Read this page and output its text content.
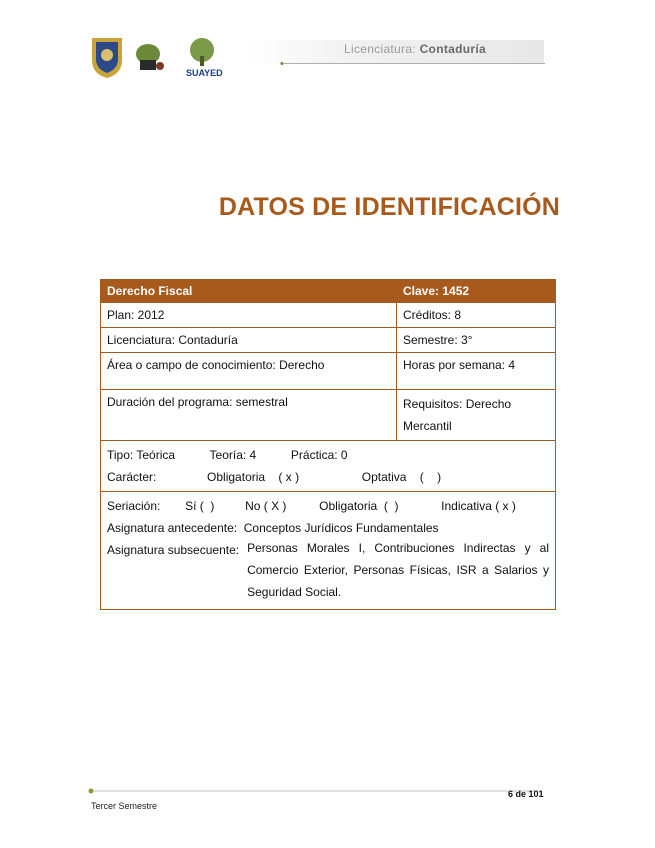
SUAYED
Licenciatura: Contaduría
DATOS DE IDENTIFICACIÓN
Derecho Fiscal	Clave: 1452
Plan: 2012	Créditos: 8
Licenciatura: Contaduría	Semestre: 3°
Área o campo de conocimiento: Derecho	Horas por semana: 4
Duración del programa: semestral	Requisitos: Derecho Mercantil

Tipo: Teórica Teoría: 4 Práctica: 0
Carácter: Obligatoria    ( x ) Optativa    (    )	

Seriación: Sí (  ) No ( X ) Obligatoria  (  ) Indicativa ( x )
Asignatura antecedente:  Conceptos Jurídicos Fundamentales
Asignatura subsecuente: Personas Morales I, Contribuciones Indirectas y al Comercio Exterior, Personas Físicas, ISR a Salarios y Seguridad Social.	
6 de 101
Tercer Semestre
